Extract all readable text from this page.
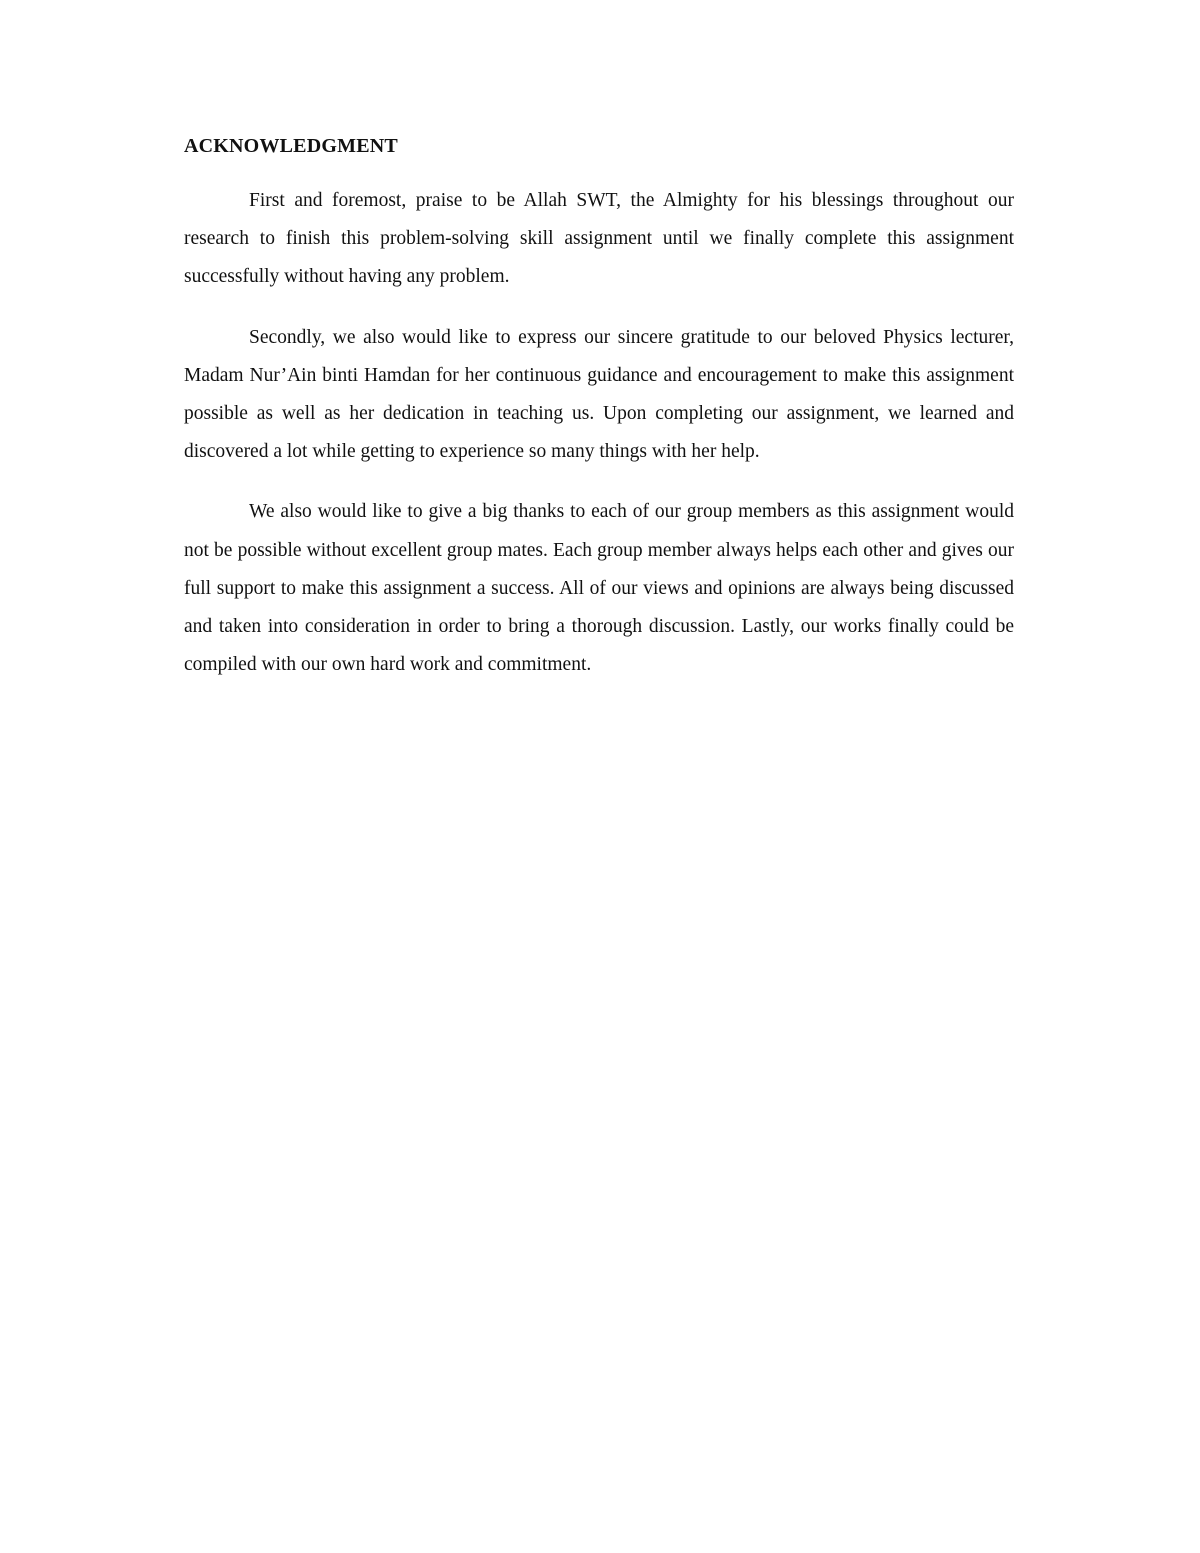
ACKNOWLEDGMENT

First and foremost, praise to be Allah SWT, the Almighty for his blessings throughout our research to finish this problem-solving skill assignment until we finally complete this assignment successfully without having any problem.

Secondly, we also would like to express our sincere gratitude to our beloved Physics lecturer, Madam Nur’Ain binti Hamdan for her continuous guidance and encouragement to make this assignment possible as well as her dedication in teaching us. Upon completing our assignment, we learned and discovered a lot while getting to experience so many things with her help.

We also would like to give a big thanks to each of our group members as this assignment would not be possible without excellent group mates. Each group member always helps each other and gives our full support to make this assignment a success. All of our views and opinions are always being discussed and taken into consideration in order to bring a thorough discussion. Lastly, our works finally could be compiled with our own hard work and commitment.
